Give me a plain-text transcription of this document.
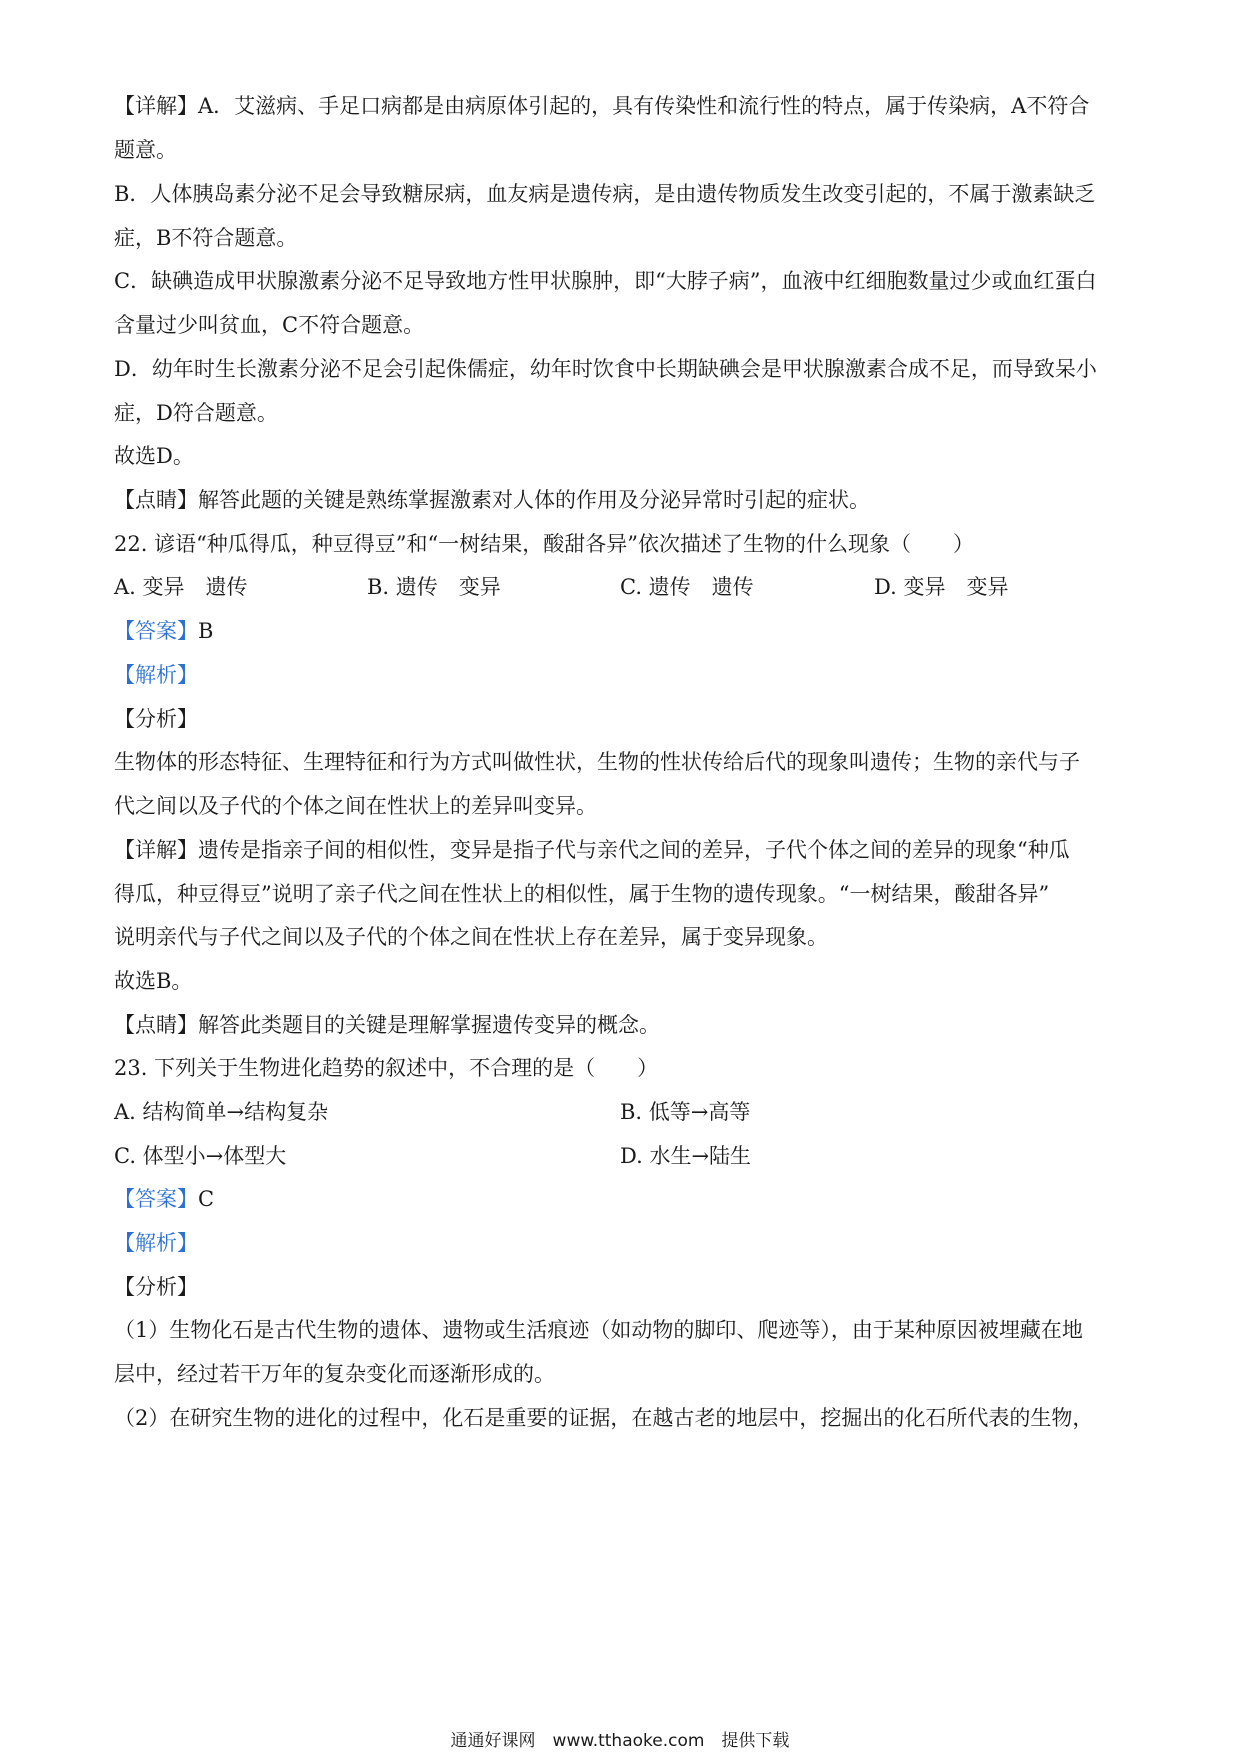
【详解】A．艾滋病、手足口病都是由病原体引起的，具有传染性和流行性的特点，属于传染病，A不符合
题意。
B．人体胰岛素分泌不足会导致糖尿病，血友病是遗传病，是由遗传物质发生改变引起的，不属于激素缺乏
症，B不符合题意。
C．缺碘造成甲状腺激素分泌不足导致地方性甲状腺肿，即“大脖子病”，血液中红细胞数量过少或血红蛋白
含量过少叫贫血，C不符合题意。
D．幼年时生长激素分泌不足会引起侏儒症，幼年时饮食中长期缺碘会是甲状腺激素合成不足，而导致呆小
症，D符合题意。
故选D。
【点睛】解答此题的关键是熟练掌握激素对人体的作用及分泌异常时引起的症状。
22. 谚语“种瓜得瓜，种豆得豆”和“一树结果，酸甜各异”依次描述了生物的什么现象（　　）
A. 变异　遗传	B. 遗传　变异	C. 遗传　遗传	D. 变异　变异
【答案】B
【解析】
【分析】
生物体的形态特征、生理特征和行为方式叫做性状，生物的性状传给后代的现象叫遗传；生物的亲代与子
代之间以及子代的个体之间在性状上的差异叫变异。
【详解】遗传是指亲子间的相似性，变异是指子代与亲代之间的差异，子代个体之间的差异的现象“种瓜
得瓜，种豆得豆”说明了亲子代之间在性状上的相似性，属于生物的遗传现象。“一树结果，酸甜各异”
说明亲代与子代之间以及子代的个体之间在性状上存在差异，属于变异现象。
故选B。
【点睛】解答此类题目的关键是理解掌握遗传变异的概念。
23. 下列关于生物进化趋势的叙述中，不合理的是（　　）
A. 结构简单→结构复杂	B. 低等→高等
C. 体型小→体型大	D. 水生→陆生
【答案】C
【解析】
【分析】
（1）生物化石是古代生物的遗体、遗物或生活痕迹（如动物的脚印、爬迹等），由于某种原因被埋藏在地
层中，经过若干万年的复杂变化而逐渐形成的。
（2）在研究生物的进化的过程中，化石是重要的证据，在越古老的地层中，挖掘出的化石所代表的生物，
通通好课网　www.tthaoke.com　提供下载
